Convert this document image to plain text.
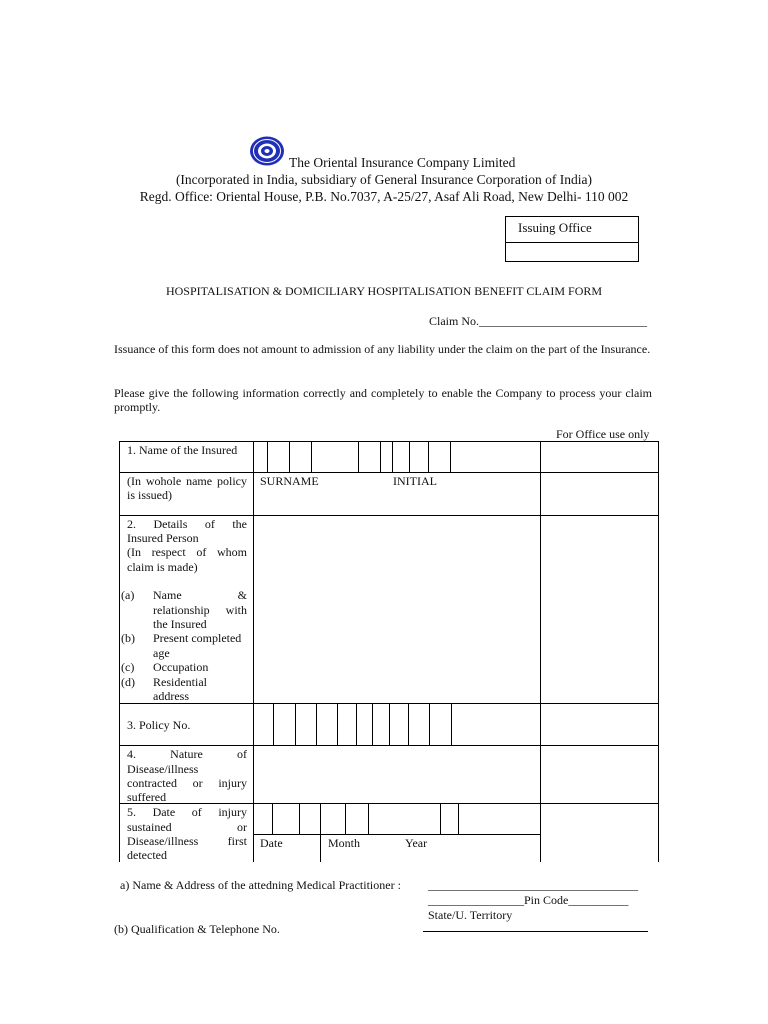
The Oriental Insurance Company Limited
(Incorporated in India, subsidiary of General Insurance Corporation of India)
Regd. Office: Oriental House, P.B. No.7037, A-25/27, Asaf Ali Road, New Delhi- 110 002
Issuing Office
HOSPITALISATION & DOMICILIARY HOSPITALISATION BENEFIT CLAIM FORM
Claim No.____________________________
Issuance of this form does not amount to admission of any liability under the claim on the part of the Insurance.
Please give the following information correctly and completely to enable the Company to process your claim promptly.
For Office use only
1. Name of the Insured
(In wohole name policy is issued)
SURNAME	INITIAL
2. Details of the
Insured Person
(In respect of whom
claim is made)
(a) Name &
relationship with
the Insured
(b) Present completed
age
(c) Occupation
(d) Residential
address
3. Policy No.
4. Nature of
Disease/illness
contracted or injury
suffered
5. Date of injury
sustained or
Disease/illness first
detected
Date	Month	Year
a) Name & Address of the attedning Medical Practitioner : ___________________________________
________________Pin Code__________
State/U. Territory
(b) Qualification & Telephone No.
